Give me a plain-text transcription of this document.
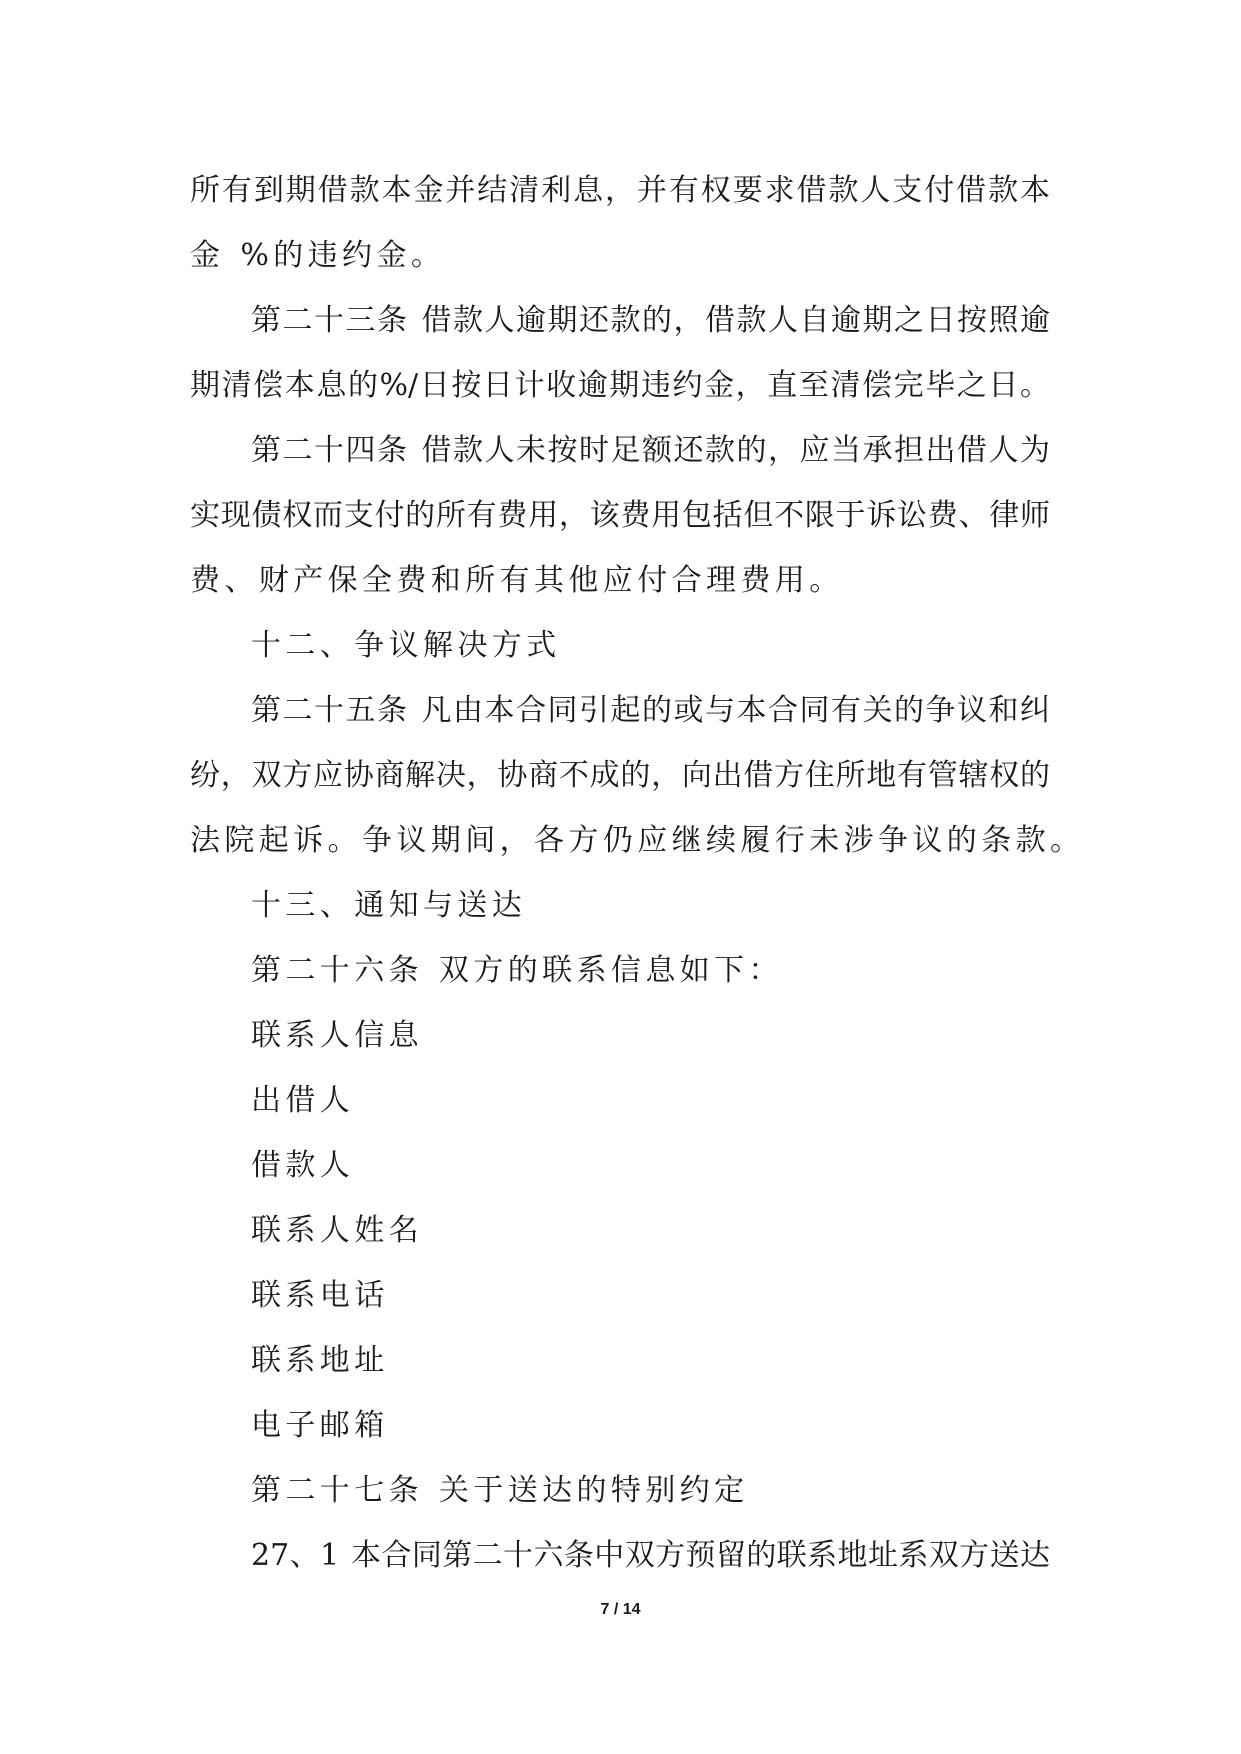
所有到期借款本金并结清利息，并有权要求借款人支付借款本
金 %的违约金。
第二十三条 借款人逾期还款的，借款人自逾期之日按照逾
期清偿本息的%/日按日计收逾期违约金，直至清偿完毕之日。
第二十四条 借款人未按时足额还款的，应当承担出借人为
实现债权而支付的所有费用，该费用包括但不限于诉讼费、律师
费、财产保全费和所有其他应付合理费用。
十二、争议解决方式
第二十五条 凡由本合同引起的或与本合同有关的争议和纠
纷，双方应协商解决，协商不成的，向出借方住所地有管辖权的
法院起诉。争议期间，各方仍应继续履行未涉争议的条款。
十三、通知与送达
第二十六条 双方的联系信息如下：
联系人信息
出借人
借款人
联系人姓名
联系电话
联系地址
电子邮箱
第二十七条 关于送达的特别约定
27、1 本合同第二十六条中双方预留的联系地址系双方送达
7 / 14
